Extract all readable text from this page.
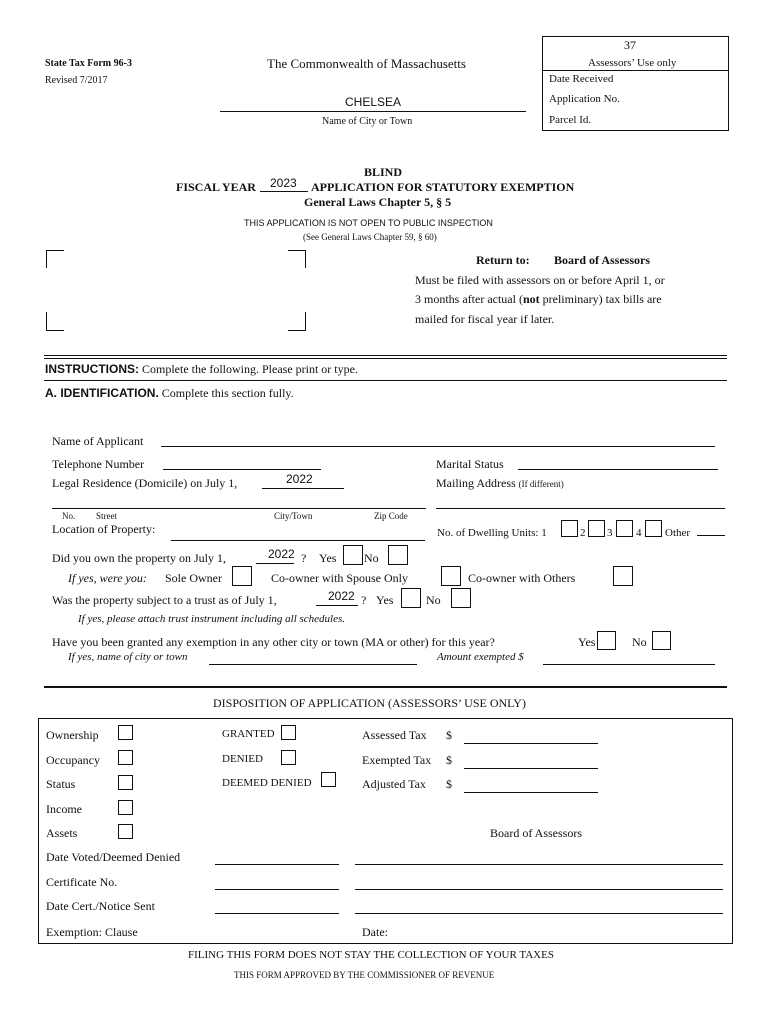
State Tax Form 96-3
Revised 7/2017
The Commonwealth of Massachusetts
CHELSEA
Name of City or Town
37
Assessors’ Use only
Date Received
Application No.
Parcel Id.
BLIND
FISCAL YEAR 2023 APPLICATION FOR STATUTORY EXEMPTION
General Laws Chapter 5, § 5
THIS APPLICATION IS NOT OPEN TO PUBLIC INSPECTION
(See General Laws Chapter 59, § 60)
Return to: Board of Assessors
Must be filed with assessors on or before April 1, or
3 months after actual (not preliminary) tax bills are
mailed for fiscal year if later.
INSTRUCTIONS: Complete the following. Please print or type.
A. IDENTIFICATION. Complete this section fully.
Name of Applicant
Telephone Number	Marital Status
Legal Residence (Domicile) on July 1,	2022	Mailing Address (If different)
No. Street	City/Town	Zip Code
Location of Property:	No. of Dwelling Units: 1	2 3 4 Other
Did you own the property on July 1,	2022 ? Yes No
If yes, were you: Sole Owner	Co-owner with Spouse Only	Co-owner with Others
Was the property subject to a trust as of July 1,	2022 ? Yes	No
If yes, please attach trust instrument including all schedules.
Have you been granted any exemption in any other city or town (MA or other) for this year?	Yes	No
If yes, name of city or town	Amount exempted $
DISPOSITION OF APPLICATION (ASSESSORS’ USE ONLY)
Ownership
Occupancy
Status
Income
Assets
GRANTED
DENIED
DEEMED DENIED
Assessed Tax $
Exempted Tax $
Adjusted Tax $
Board of Assessors
Date Voted/Deemed Denied
Certificate No.
Date Cert./Notice Sent
Exemption: Clause	Date:
FILING THIS FORM DOES NOT STAY THE COLLECTION OF YOUR TAXES
THIS FORM APPROVED BY THE COMMISSIONER OF REVENUE
